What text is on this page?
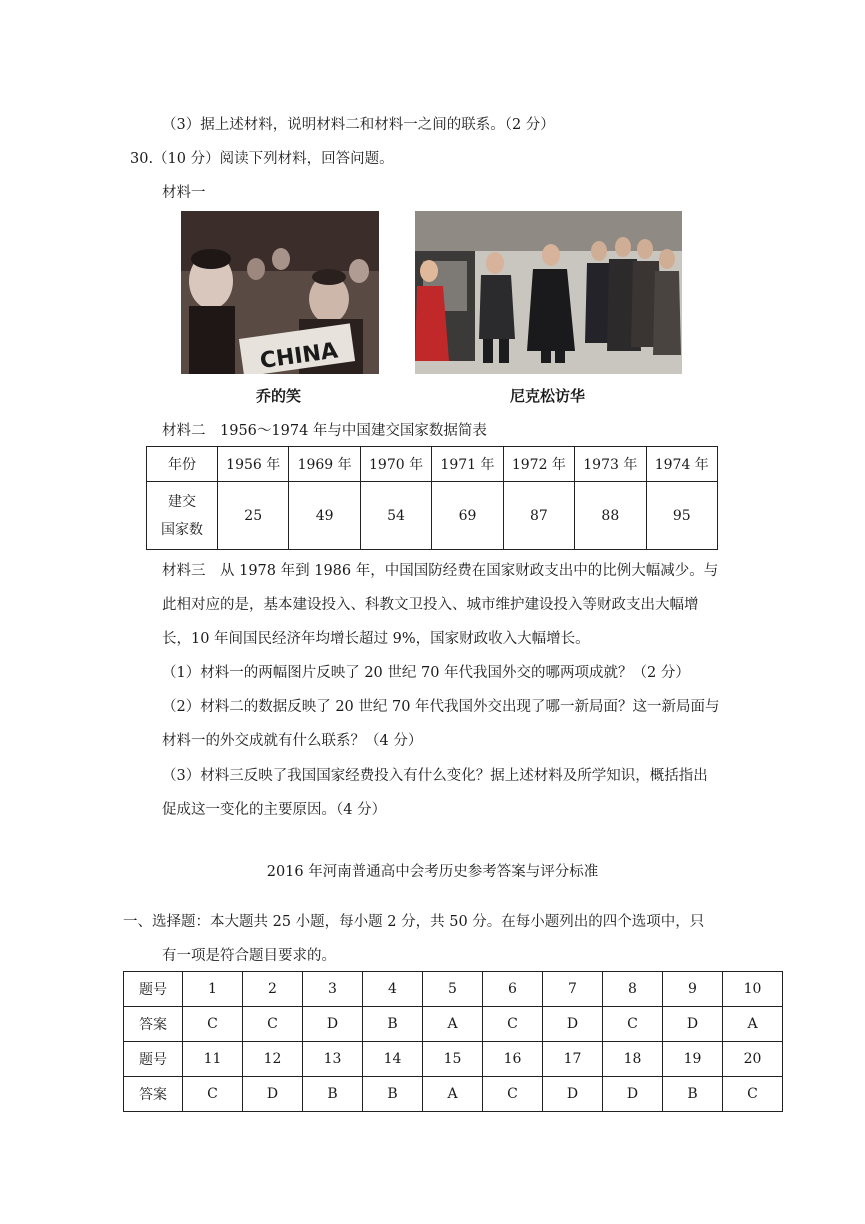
（3）据上述材料，说明材料二和材料一之间的联系。（2 分）
30.（10 分）阅读下列材料，回答问题。
材料一
CHINA
乔的笑	尼克松访华
材料二　1956～1974 年与中国建交国家数据简表
年份	1956 年	1969 年	1970 年	1971 年	1972 年	1973 年	1974 年

建交
国家数	25	49	54	69	87	88	95
材料三　从 1978 年到 1986 年，中国国防经费在国家财政支出中的比例大幅减少。与
此相对应的是，基本建设投入、科教文卫投入、城市维护建设投入等财政支出大幅增
长，10 年间国民经济年均增长超过 9%，国家财政收入大幅增长。
（1）材料一的两幅图片反映了 20 世纪 70 年代我国外交的哪两项成就？（2 分）
（2）材料二的数据反映了 20 世纪 70 年代我国外交出现了哪一新局面？这一新局面与
材料一的外交成就有什么联系？（4 分）
（3）材料三反映了我国国家经费投入有什么变化？据上述材料及所学知识，概括指出
促成这一变化的主要原因。（4 分）
2016 年河南普通高中会考历史参考答案与评分标准
一、选择题：本大题共 25 小题，每小题 2 分，共 50 分。在每小题列出的四个选项中，只
有一项是符合题目要求的。
题号	1	2	3	4	5	6	7	8	9	10
答案	C	C	D	B	A	C	D	C	D	A
题号	11	12	13	14	15	16	17	18	19	20
答案	C	D	B	B	A	C	D	D	B	C
